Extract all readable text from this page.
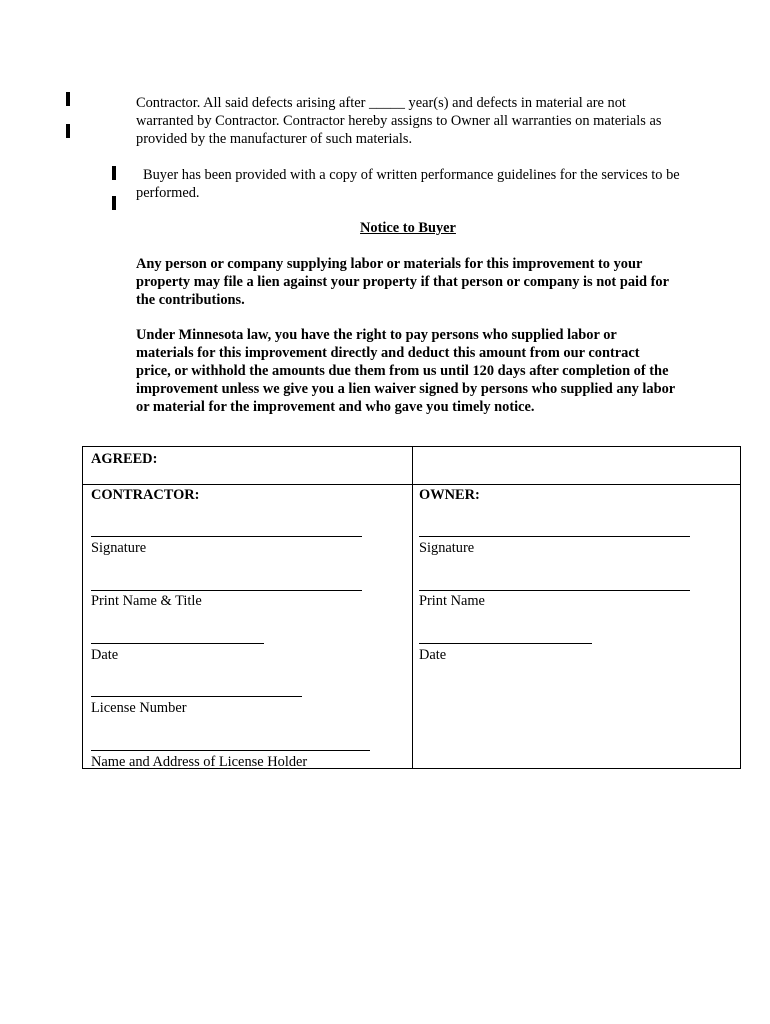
Contractor. All said defects arising after _____ year(s) and defects in material are not warranted by Contractor. Contractor hereby assigns to Owner all warranties on materials as provided by the manufacturer of such materials.

Buyer has been provided with a copy of written performance guidelines for the services to be performed.

Notice to Buyer

Any person or company supplying labor or materials for this improvement to your property may file a lien against your property if that person or company is not paid for the contributions.

Under Minnesota law, you have the right to pay persons who supplied labor or materials for this improvement directly and deduct this amount from our contract price, or withhold the amounts due them from us until 120 days after completion of the improvement unless we give you a lien waiver signed by persons who supplied any labor or material for the improvement and who gave you timely notice.

AGREED:
CONTRACTOR:
Signature
Print Name & Title
Date
License Number
Name and Address of License Holder
OWNER:
Signature
Print Name
Date
